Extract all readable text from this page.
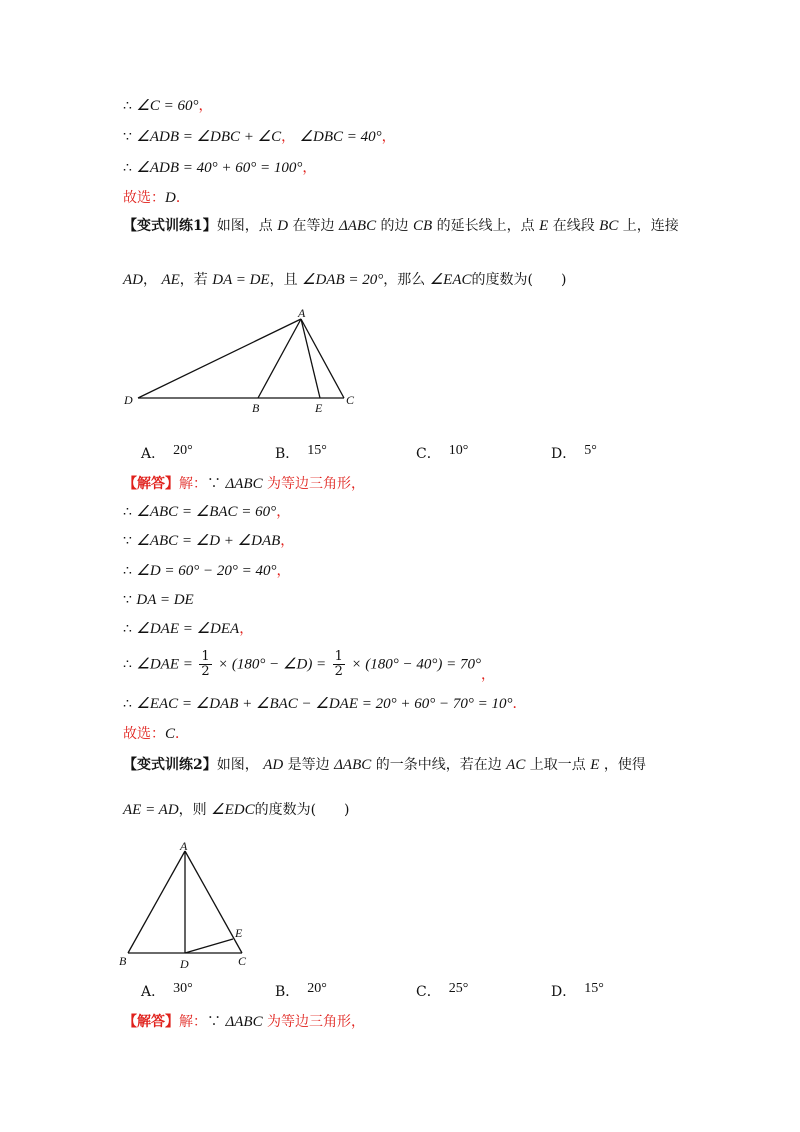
∴ ∠C = 60°，
∵ ∠ADB = ∠DBC + ∠C， ∠DBC = 40°，
∴ ∠ADB = 40° + 60° = 100°，
故选：D．
【变式训练1】如图，点 D 在等边 ΔABC 的边 CB 的延长线上，点 E 在线段 BC 上，连接
AD， AE，若 DA = DE，且 ∠DAB = 20°，那么 ∠EAC的度数为(　　)
A
D
B	E
C
A． 20°	B． 15°	C． 10°	D． 5°
【解答】解：∵ ΔABC 为等边三角形，
∴ ∠ABC = ∠BAC = 60°，
∵ ∠ABC = ∠D + ∠DAB，
∴ ∠D = 60° − 20° = 40°，
∵ DA = DE
∴ ∠DAE = ∠DEA，
∴ ∠DAE = $\frac{1}{2} \times (180^\circ$ − ∠D) = $\frac{1}{2} \times (180^\circ - 40^\circ) = 70^\circ$，
∴ ∠EAC = ∠DAB + ∠BAC − ∠DAE = 20° + 60° − 70° = 10°．
故选：C．
【变式训练2】如图， AD 是等边 ΔABC 的一条中线，若在边 AC 上取一点 E ，使得
AE = AD，则 ∠EDC的度数为(　　)
A
B	D	C
E
A． 30°	B． 20°	C． 25°	D． 15°
【解答】解：∵ ΔABC 为等边三角形，
